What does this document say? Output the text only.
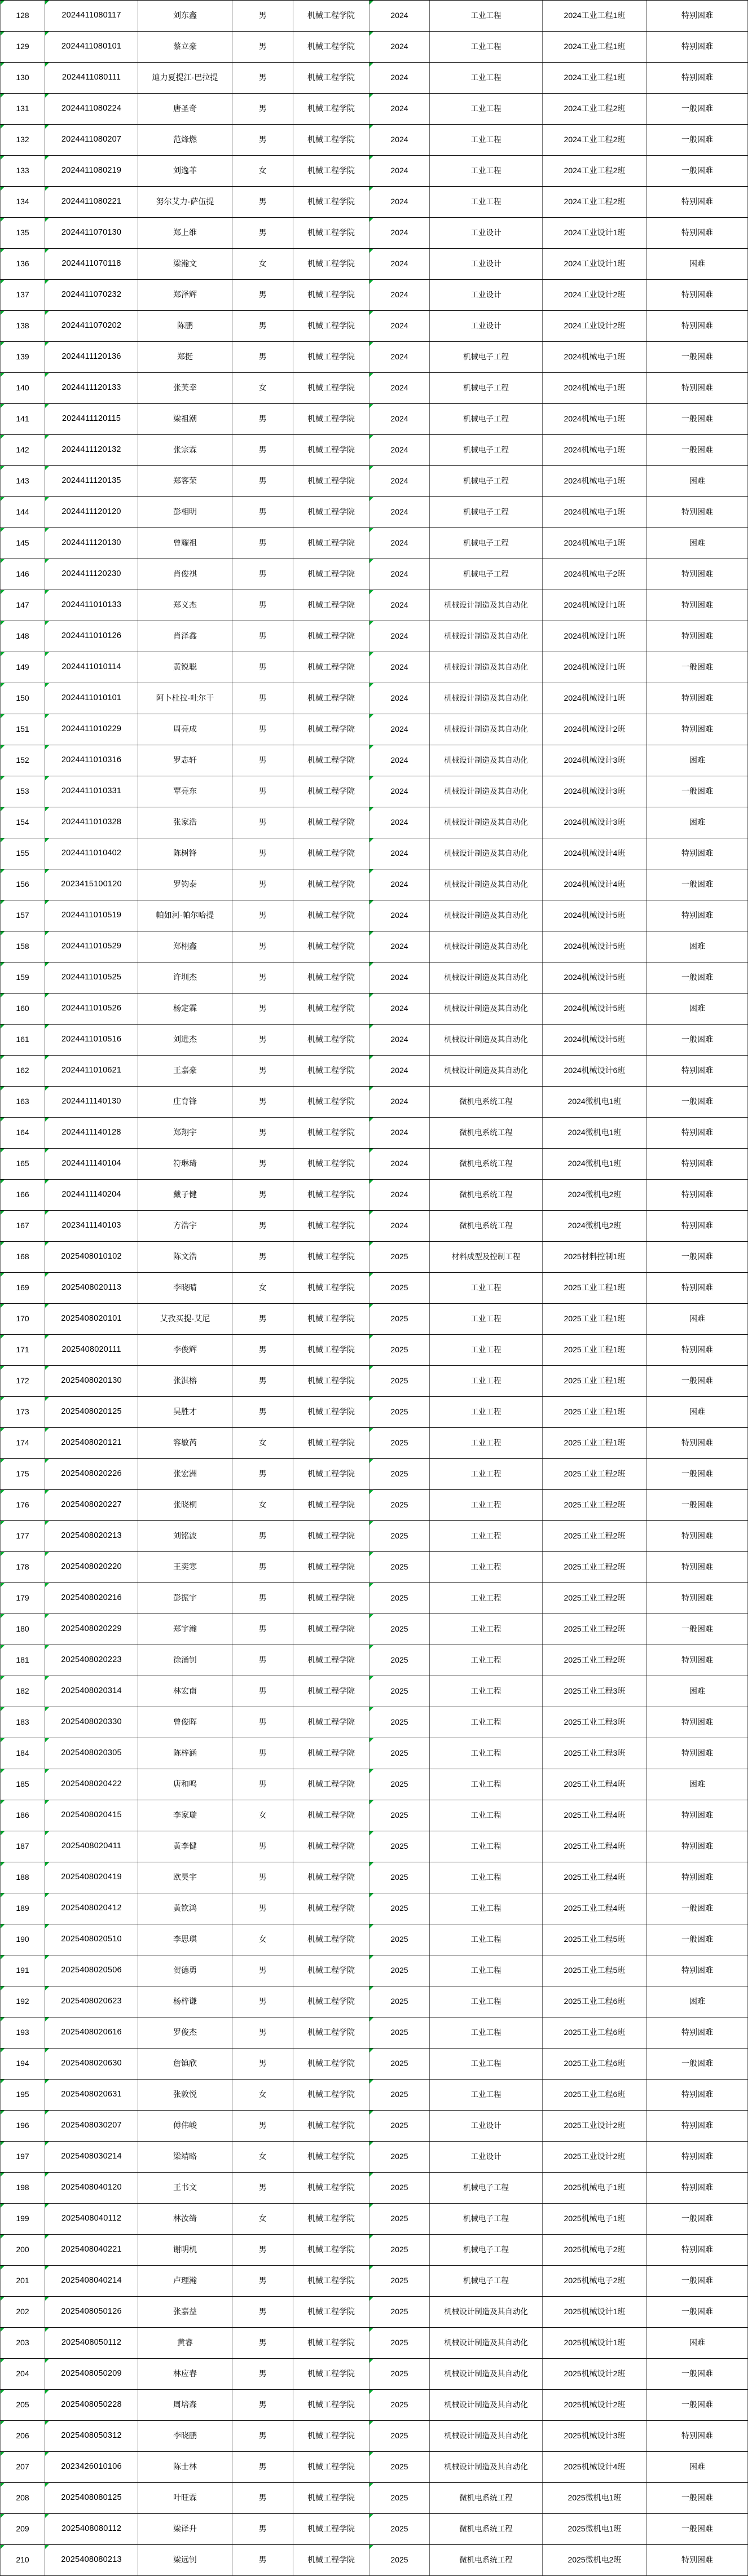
128	2024411080117	刘东鑫	男	机械工程学院	2024	工业工程	2024工业工程1班	特别困难
129	2024411080101	蔡立豪	男	机械工程学院	2024	工业工程	2024工业工程1班	特别困难
130	2024411080111	迪力夏提江·巴拉提	男	机械工程学院	2024	工业工程	2024工业工程1班	特别困难
131	2024411080224	唐圣奇	男	机械工程学院	2024	工业工程	2024工业工程2班	一般困难
132	2024411080207	范烽燃	男	机械工程学院	2024	工业工程	2024工业工程2班	一般困难
133	2024411080219	刘逸菲	女	机械工程学院	2024	工业工程	2024工业工程2班	一般困难
134	2024411080221	努尔艾力·萨伍提	男	机械工程学院	2024	工业工程	2024工业工程2班	特别困难
135	2024411070130	郑上维	男	机械工程学院	2024	工业设计	2024工业设计1班	特别困难
136	2024411070118	梁瀚文	女	机械工程学院	2024	工业设计	2024工业设计1班	困难
137	2024411070232	郑泽辉	男	机械工程学院	2024	工业设计	2024工业设计2班	特别困难
138	2024411070202	陈鹏	男	机械工程学院	2024	工业设计	2024工业设计2班	特别困难
139	2024411120136	郑挺	男	机械工程学院	2024	机械电子工程	2024机械电子1班	一般困难
140	2024411120133	张芙幸	女	机械工程学院	2024	机械电子工程	2024机械电子1班	特别困难
141	2024411120115	梁祖潮	男	机械工程学院	2024	机械电子工程	2024机械电子1班	一般困难
142	2024411120132	张宗霖	男	机械工程学院	2024	机械电子工程	2024机械电子1班	一般困难
143	2024411120135	郑客荣	男	机械工程学院	2024	机械电子工程	2024机械电子1班	困难
144	2024411120120	彭相明	男	机械工程学院	2024	机械电子工程	2024机械电子1班	特别困难
145	2024411120130	曾耀祖	男	机械工程学院	2024	机械电子工程	2024机械电子1班	困难
146	2024411120230	肖俊祺	男	机械工程学院	2024	机械电子工程	2024机械电子2班	特别困难
147	2024411010133	郑义杰	男	机械工程学院	2024	机械设计制造及其自动化	2024机械设计1班	特别困难
148	2024411010126	肖泽鑫	男	机械工程学院	2024	机械设计制造及其自动化	2024机械设计1班	特别困难
149	2024411010114	黄锐聪	男	机械工程学院	2024	机械设计制造及其自动化	2024机械设计1班	一般困难
150	2024411010101	阿卜杜拉·吐尔干	男	机械工程学院	2024	机械设计制造及其自动化	2024机械设计1班	特别困难
151	2024411010229	周亮成	男	机械工程学院	2024	机械设计制造及其自动化	2024机械设计2班	特别困难
152	2024411010316	罗志轩	男	机械工程学院	2024	机械设计制造及其自动化	2024机械设计3班	困难
153	2024411010331	覃亮东	男	机械工程学院	2024	机械设计制造及其自动化	2024机械设计3班	一般困难
154	2024411010328	张家浩	男	机械工程学院	2024	机械设计制造及其自动化	2024机械设计3班	困难
155	2024411010402	陈树锋	男	机械工程学院	2024	机械设计制造及其自动化	2024机械设计4班	特别困难
156	2023415100120	罗钧泰	男	机械工程学院	2024	机械设计制造及其自动化	2024机械设计4班	一般困难
157	2024411010519	帕如河·帕尔哈提	男	机械工程学院	2024	机械设计制造及其自动化	2024机械设计5班	特别困难
158	2024411010529	郑栩鑫	男	机械工程学院	2024	机械设计制造及其自动化	2024机械设计5班	困难
159	2024411010525	许圳杰	男	机械工程学院	2024	机械设计制造及其自动化	2024机械设计5班	一般困难
160	2024411010526	杨定霖	男	机械工程学院	2024	机械设计制造及其自动化	2024机械设计5班	困难
161	2024411010516	刘进杰	男	机械工程学院	2024	机械设计制造及其自动化	2024机械设计5班	一般困难
162	2024411010621	王嘉豪	男	机械工程学院	2024	机械设计制造及其自动化	2024机械设计6班	特别困难
163	2024411140130	庄育锋	男	机械工程学院	2024	微机电系统工程	2024微机电1班	一般困难
164	2024411140128	郑翔宇	男	机械工程学院	2024	微机电系统工程	2024微机电1班	特别困难
165	2024411140104	符琳琦	男	机械工程学院	2024	微机电系统工程	2024微机电1班	特别困难
166	2024411140204	戴子健	男	机械工程学院	2024	微机电系统工程	2024微机电2班	特别困难
167	2023411140103	方浩宇	男	机械工程学院	2024	微机电系统工程	2024微机电2班	特别困难
168	2025408010102	陈文浩	男	机械工程学院	2025	材料成型及控制工程	2025材料控制1班	一般困难
169	2025408020113	李晓晴	女	机械工程学院	2025	工业工程	2025工业工程1班	特别困难
170	2025408020101	艾孜买提·艾尼	男	机械工程学院	2025	工业工程	2025工业工程1班	困难
171	2025408020111	李俊辉	男	机械工程学院	2025	工业工程	2025工业工程1班	特别困难
172	2025408020130	张淇榕	男	机械工程学院	2025	工业工程	2025工业工程1班	一般困难
173	2025408020125	吴胜才	男	机械工程学院	2025	工业工程	2025工业工程1班	困难
174	2025408020121	容敏芮	女	机械工程学院	2025	工业工程	2025工业工程1班	特别困难
175	2025408020226	张宏洲	男	机械工程学院	2025	工业工程	2025工业工程2班	一般困难
176	2025408020227	张晓桐	女	机械工程学院	2025	工业工程	2025工业工程2班	一般困难
177	2025408020213	刘铭波	男	机械工程学院	2025	工业工程	2025工业工程2班	特别困难
178	2025408020220	王奕寒	男	机械工程学院	2025	工业工程	2025工业工程2班	特别困难
179	2025408020216	彭振宇	男	机械工程学院	2025	工业工程	2025工业工程2班	特别困难
180	2025408020229	郑宇瀚	男	机械工程学院	2025	工业工程	2025工业工程2班	一般困难
181	2025408020223	徐涌钊	男	机械工程学院	2025	工业工程	2025工业工程2班	特别困难
182	2025408020314	林宏南	男	机械工程学院	2025	工业工程	2025工业工程3班	困难
183	2025408020330	曾俊晖	男	机械工程学院	2025	工业工程	2025工业工程3班	特别困难
184	2025408020305	陈梓涵	男	机械工程学院	2025	工业工程	2025工业工程3班	特别困难
185	2025408020422	唐和鸣	男	机械工程学院	2025	工业工程	2025工业工程4班	困难
186	2025408020415	李家璇	女	机械工程学院	2025	工业工程	2025工业工程4班	特别困难
187	2025408020411	黄李健	男	机械工程学院	2025	工业工程	2025工业工程4班	特别困难
188	2025408020419	欧昊宇	男	机械工程学院	2025	工业工程	2025工业工程4班	特别困难
189	2025408020412	黄钦鸿	男	机械工程学院	2025	工业工程	2025工业工程4班	一般困难
190	2025408020510	李思琪	女	机械工程学院	2025	工业工程	2025工业工程5班	一般困难
191	2025408020506	贺德勇	男	机械工程学院	2025	工业工程	2025工业工程5班	特别困难
192	2025408020623	杨梓谦	男	机械工程学院	2025	工业工程	2025工业工程6班	困难
193	2025408020616	罗俊杰	男	机械工程学院	2025	工业工程	2025工业工程6班	特别困难
194	2025408020630	詹镇欣	男	机械工程学院	2025	工业工程	2025工业工程6班	一般困难
195	2025408020631	张敦悦	女	机械工程学院	2025	工业工程	2025工业工程6班	特别困难
196	2025408030207	傅伟峻	男	机械工程学院	2025	工业设计	2025工业设计2班	特别困难
197	2025408030214	梁靖略	女	机械工程学院	2025	工业设计	2025工业设计2班	特别困难
198	2025408040120	王书文	男	机械工程学院	2025	机械电子工程	2025机械电子1班	特别困难
199	2025408040112	林汝绮	女	机械工程学院	2025	机械电子工程	2025机械电子1班	一般困难
200	2025408040221	谢明机	男	机械工程学院	2025	机械电子工程	2025机械电子2班	特别困难
201	2025408040214	卢理瀚	男	机械工程学院	2025	机械电子工程	2025机械电子2班	一般困难
202	2025408050126	张嘉益	男	机械工程学院	2025	机械设计制造及其自动化	2025机械设计1班	一般困难
203	2025408050112	黄睿	男	机械工程学院	2025	机械设计制造及其自动化	2025机械设计1班	困难
204	2025408050209	林应春	男	机械工程学院	2025	机械设计制造及其自动化	2025机械设计2班	一般困难
205	2025408050228	周培森	男	机械工程学院	2025	机械设计制造及其自动化	2025机械设计2班	一般困难
206	2025408050312	李晓鹏	男	机械工程学院	2025	机械设计制造及其自动化	2025机械设计3班	特别困难
207	2023426010106	陈士林	男	机械工程学院	2025	机械设计制造及其自动化	2025机械设计4班	困难
208	2025408080125	叶旺霖	男	机械工程学院	2025	微机电系统工程	2025微机电1班	一般困难
209	2025408080112	梁译升	男	机械工程学院	2025	微机电系统工程	2025微机电1班	一般困难
210	2025408080213	梁远钊	男	机械工程学院	2025	微机电系统工程	2025微机电2班	特别困难
